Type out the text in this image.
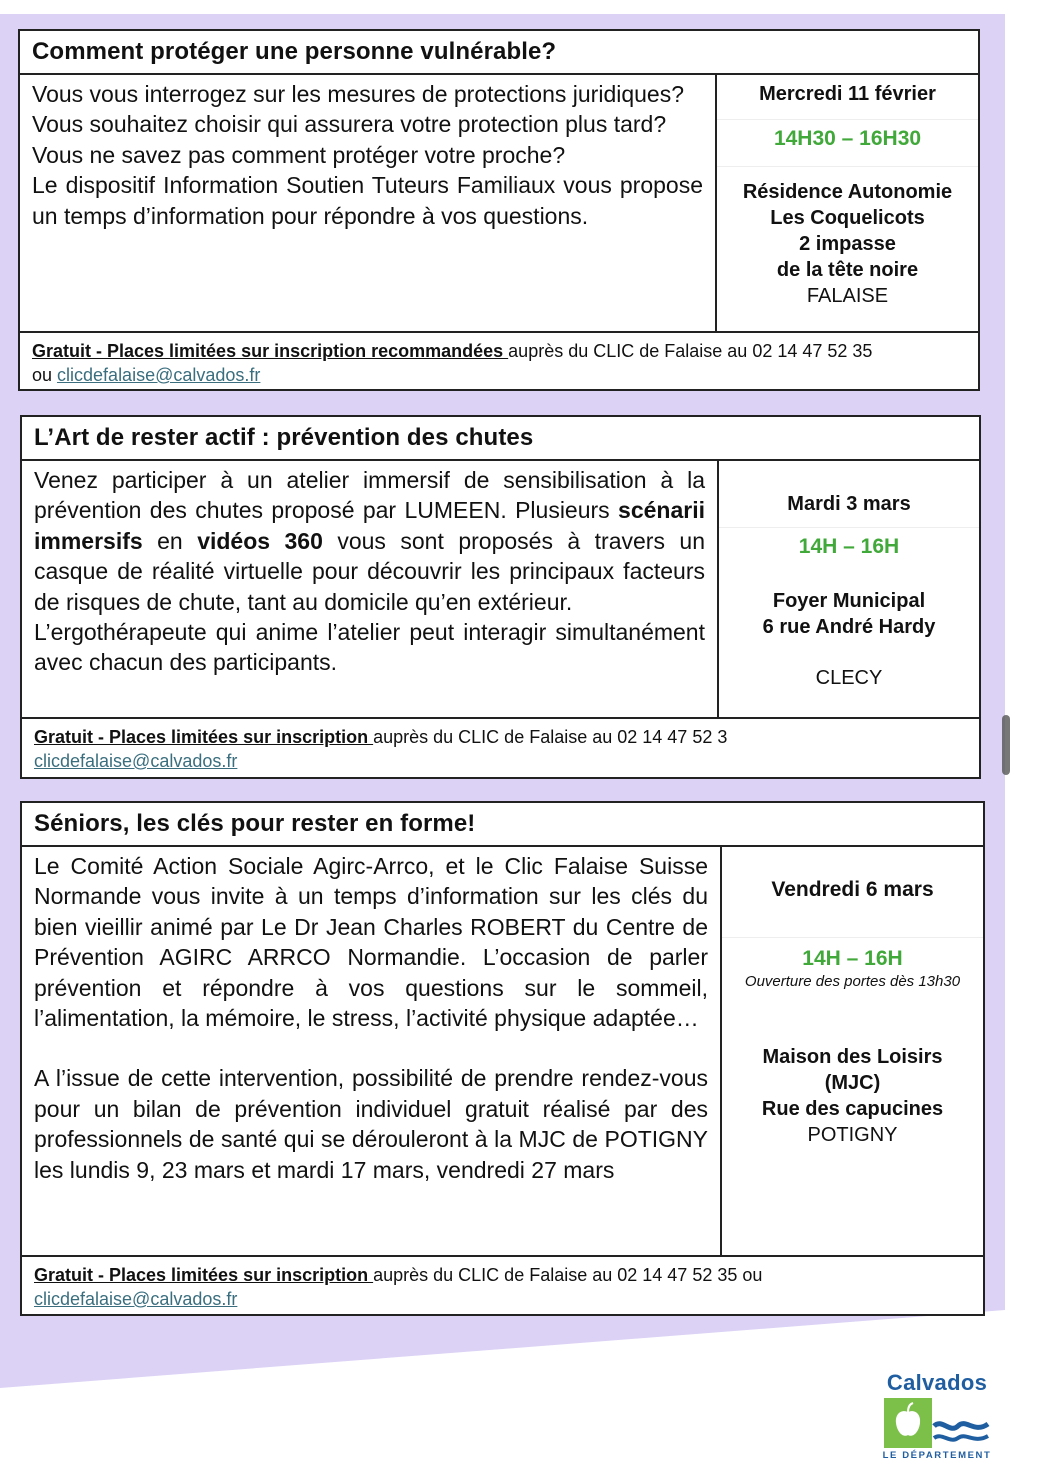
Comment protéger une personne vulnérable?

Vous vous interrogez sur les mesures de protections juridiques?

Vous souhaitez choisir qui assurera votre protection plus tard?

Vous ne savez pas comment protéger votre proche?

Le dispositif Information Soutien Tuteurs Familiaux vous propose un temps d’information pour répondre à vos questions.

Mercredi 11 février
14H30 – 16H30
Résidence Autonomie
Les Coquelicots
2 impasse
de la tête noire
FALAISE
Gratuit - Places limitées sur inscription recommandées auprès du CLIC de Falaise au 02 14 47 52 35
ou clicdefalaise@calvados.fr
L’Art de rester actif : prévention des chutes

Venez participer à un atelier immersif de sensibilisation à la prévention des chutes proposé par LUMEEN. Plusieurs scénarii immersifs en vidéos 360 vous sont proposés à travers un casque de réalité virtuelle pour découvrir les principaux facteurs de risques de chute, tant au domicile qu’en extérieur.

L’ergothérapeute qui anime l’atelier peut interagir simultanément avec chacun des participants.

Mardi 3 mars
14H – 16H
Foyer Municipal
6 rue André Hardy
CLECY
Gratuit - Places limitées sur inscription auprès du CLIC de Falaise au 02 14 47 52 3
clicdefalaise@calvados.fr
Séniors, les clés pour rester en forme!

Le Comité Action Sociale Agirc-Arrco, et le Clic Falaise Suisse Normande vous invite à un temps d’information sur les clés du bien vieillir animé par Le Dr Jean Charles ROBERT du Centre de Prévention AGIRC ARRCO Normandie. L’occasion de parler prévention et répondre à vos questions sur le sommeil, l’alimentation, la mémoire, le stress, l’activité physique adaptée…

A l’issue de cette intervention, possibilité de prendre rendez-vous pour un bilan de prévention individuel gratuit réalisé par des professionnels de santé qui se dérouleront à la MJC de POTIGNY les lundis 9, 23 mars et mardi 17 mars, vendredi 27 mars

Vendredi 6 mars
14H – 16H
Ouverture des portes dès 13h30
Maison des Loisirs
(MJC)
Rue des capucines
POTIGNY
Gratuit - Places limitées sur inscription auprès du CLIC de Falaise au 02 14 47 52 35 ou
clicdefalaise@calvados.fr
Calvados
LE DÉPARTEMENT
